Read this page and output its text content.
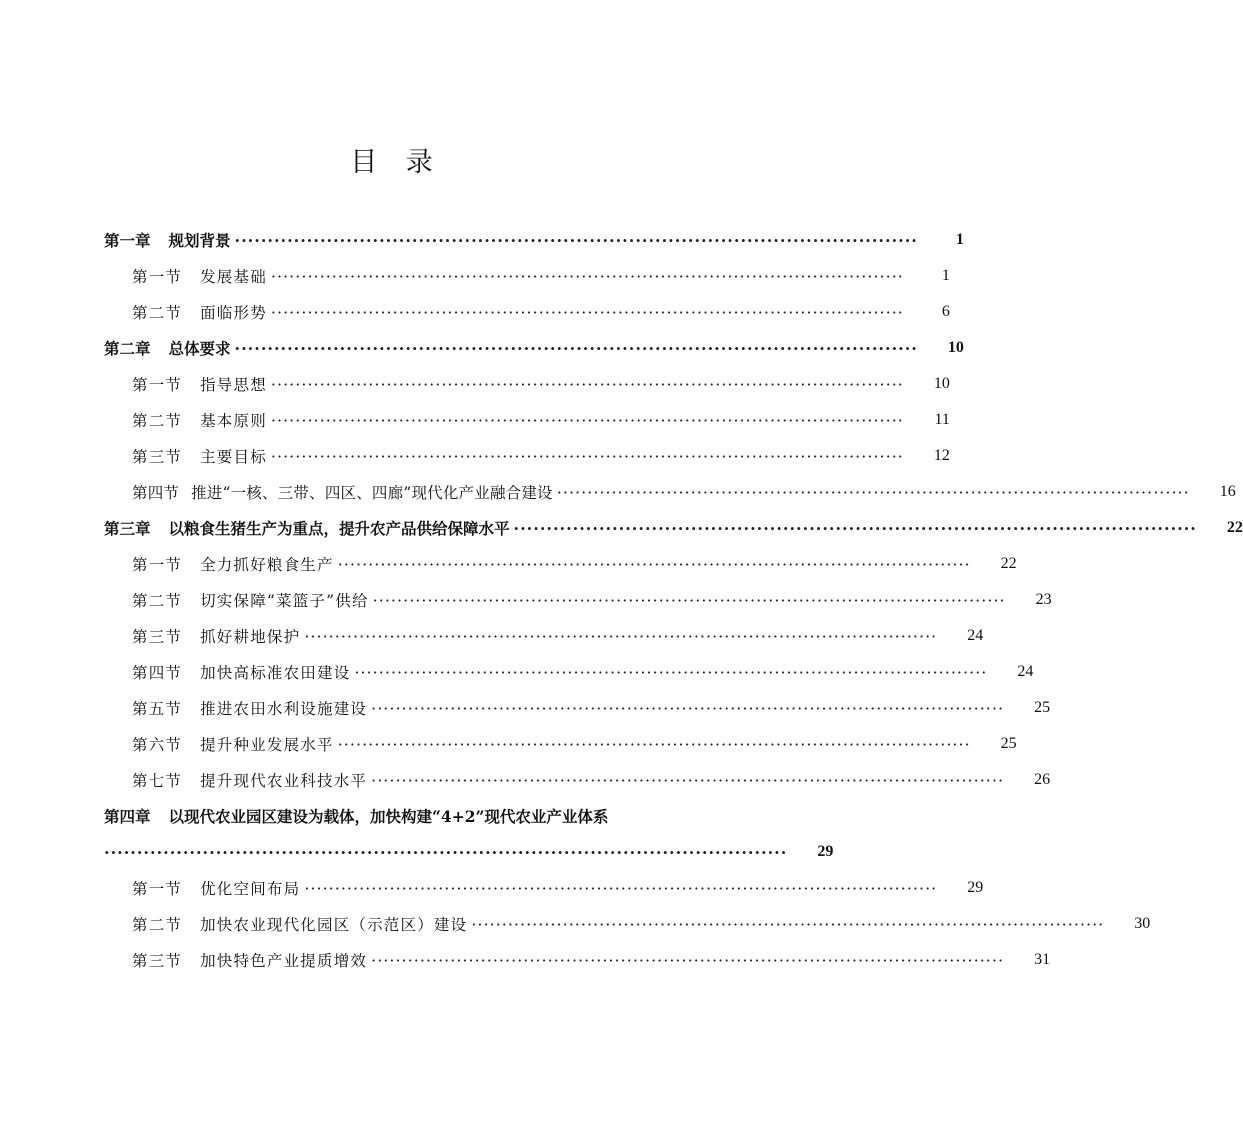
目 录
第一章 规划背景 ········································································································	1
第一节 发展基础 ········································································································	1
第二节 面临形势 ········································································································	6
第二章 总体要求 ········································································································	10
第一节 指导思想 ········································································································	10
第二节 基本原则 ········································································································	11
第三节 主要目标 ········································································································	12
第四节 推进“一核、三带、四区、四廊”现代化产业融合建设 ········································································································	16
第三章 以粮食生猪生产为重点，提升农产品供给保障水平 ········································································································	22
第一节 全力抓好粮食生产 ········································································································	22
第二节 切实保障“菜篮子”供给 ········································································································	23
第三节 抓好耕地保护 ········································································································	24
第四节 加快高标准农田建设 ········································································································	24
第五节 推进农田水利设施建设 ········································································································	25
第六节 提升种业发展水平 ········································································································	25
第七节 提升现代农业科技水平 ········································································································	26
第四章 以现代农业园区建设为载体，加快构建“4+2”现代农业产业体系
········································································································	29
第一节 优化空间布局 ········································································································	29
第二节 加快农业现代化园区（示范区）建设 ········································································································	30
第三节 加快特色产业提质增效 ········································································································	31
